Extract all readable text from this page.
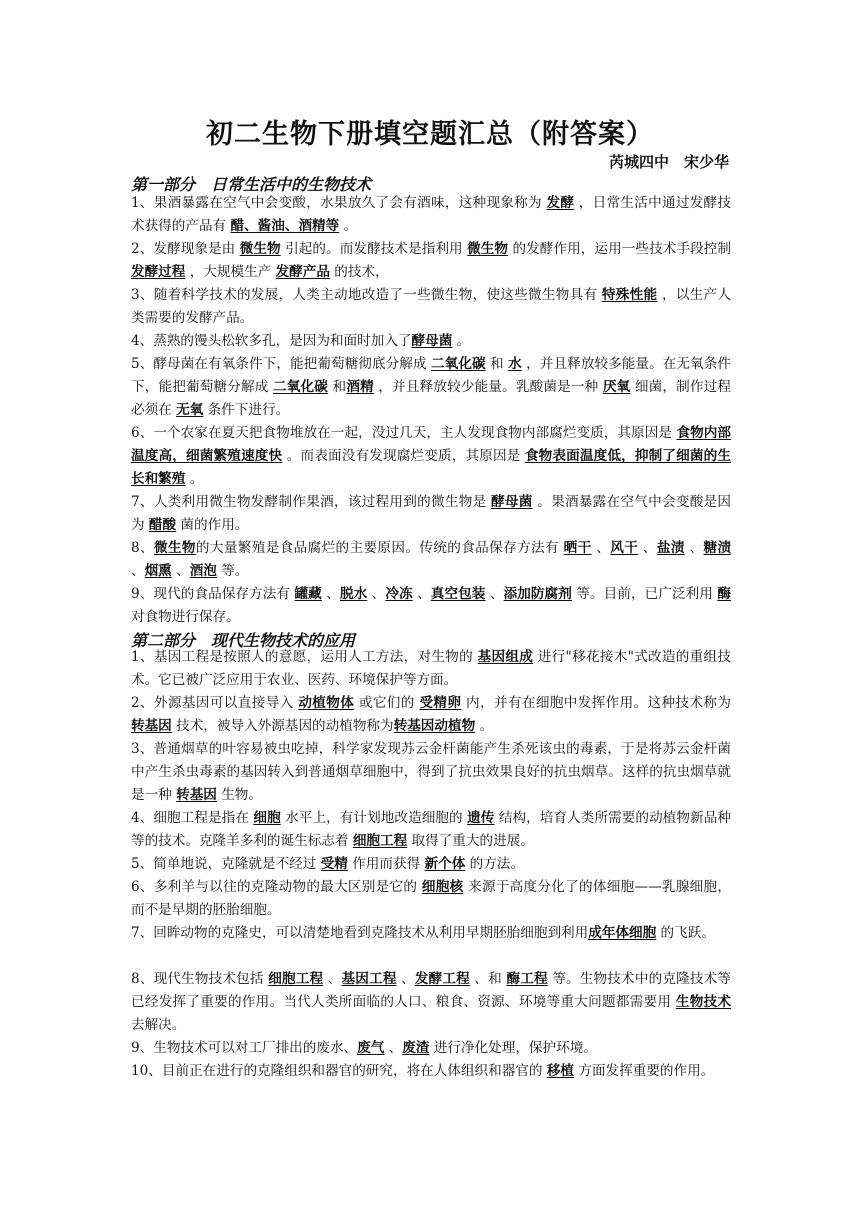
初二生物下册填空题汇总（附答案）
芮城四中　宋少华
第一部分　日常生活中的生物技术
1、果酒暴露在空气中会变酸，水果放久了会有酒味，这种现象称为 发酵 ，日常生活中通过发酵技术获得的产品有 醋、酱油、酒精等 。
2、发酵现象是由 微生物 引起的。而发酵技术是指利用 微生物 的发酵作用，运用一些技术手段控制 发酵过程 ，大规模生产 发酵产品 的技术，
3、随着科学技术的发展，人类主动地改造了一些微生物，使这些微生物具有 特殊性能 ，以生产人类需要的发酵产品。
4、蒸熟的馒头松软多孔，是因为和面时加入了酵母菌 。
5、酵母菌在有氧条件下，能把葡萄糖彻底分解成 二氧化碳 和 水 ，并且释放较多能量。在无氧条件下，能把葡萄糖分解成 二氧化碳 和酒精 ，并且释放较少能量。乳酸菌是一种 厌氧 细菌，制作过程必须在 无氧 条件下进行。
6、一个农家在夏天把食物堆放在一起，没过几天，主人发现食物内部腐烂变质，其原因是 食物内部温度高，细菌繁殖速度快 。而表面没有发现腐烂变质，其原因是 食物表面温度低，抑制了细菌的生长和繁殖 。
7、人类利用微生物发酵制作果酒，该过程用到的微生物是 酵母菌 。果酒暴露在空气中会变酸是因为 醋酸 菌的作用。
8、微生物的大量繁殖是食品腐烂的主要原因。传统的食品保存方法有 晒干 、风干 、盐渍 、糖渍 、烟熏 、酒泡 等。
9、现代的食品保存方法有 罐藏 、脱水 、冷冻 、真空包装 、添加防腐剂 等。目前，已广泛利用 酶 对食物进行保存。
第二部分　现代生物技术的应用
1、基因工程是按照人的意愿，运用人工方法，对生物的 基因组成 进行"移花接木"式改造的重组技术。它已被广泛应用于农业、医药、环境保护等方面。
2、外源基因可以直接导入 动植物体 或它们的 受精卵 内，并有在细胞中发挥作用。这种技术称为 转基因 技术，被导入外源基因的动植物称为转基因动植物 。
3、普通烟草的叶容易被虫吃掉，科学家发现苏云金杆菌能产生杀死该虫的毒素，于是将苏云金杆菌中产生杀虫毒素的基因转入到普通烟草细胞中，得到了抗虫效果良好的抗虫烟草。这样的抗虫烟草就是一种 转基因 生物。
4、细胞工程是指在 细胞 水平上，有计划地改造细胞的 遗传 结构，培育人类所需要的动植物新品种等的技术。克隆羊多利的诞生标志着 细胞工程 取得了重大的进展。
5、简单地说，克隆就是不经过 受精 作用而获得 新个体 的方法。
6、多利羊与以往的克隆动物的最大区别是它的 细胞核 来源于高度分化了的体细胞——乳腺细胞，而不是早期的胚胎细胞。
7、回眸动物的克隆史，可以清楚地看到克隆技术从利用早期胚胎细胞到利用成年体细胞 的飞跃。
8、现代生物技术包括 细胞工程 、基因工程 、发酵工程 、和 酶工程 等。生物技术中的克隆技术等已经发挥了重要的作用。当代人类所面临的人口、粮食、资源、环境等重大问题都需要用 生物技术 去解决。
9、生物技术可以对工厂排出的废水、废气 、废渣 进行净化处理，保护环境。
10、目前正在进行的克隆组织和器官的研究，将在人体组织和器官的 移植 方面发挥重要的作用。
